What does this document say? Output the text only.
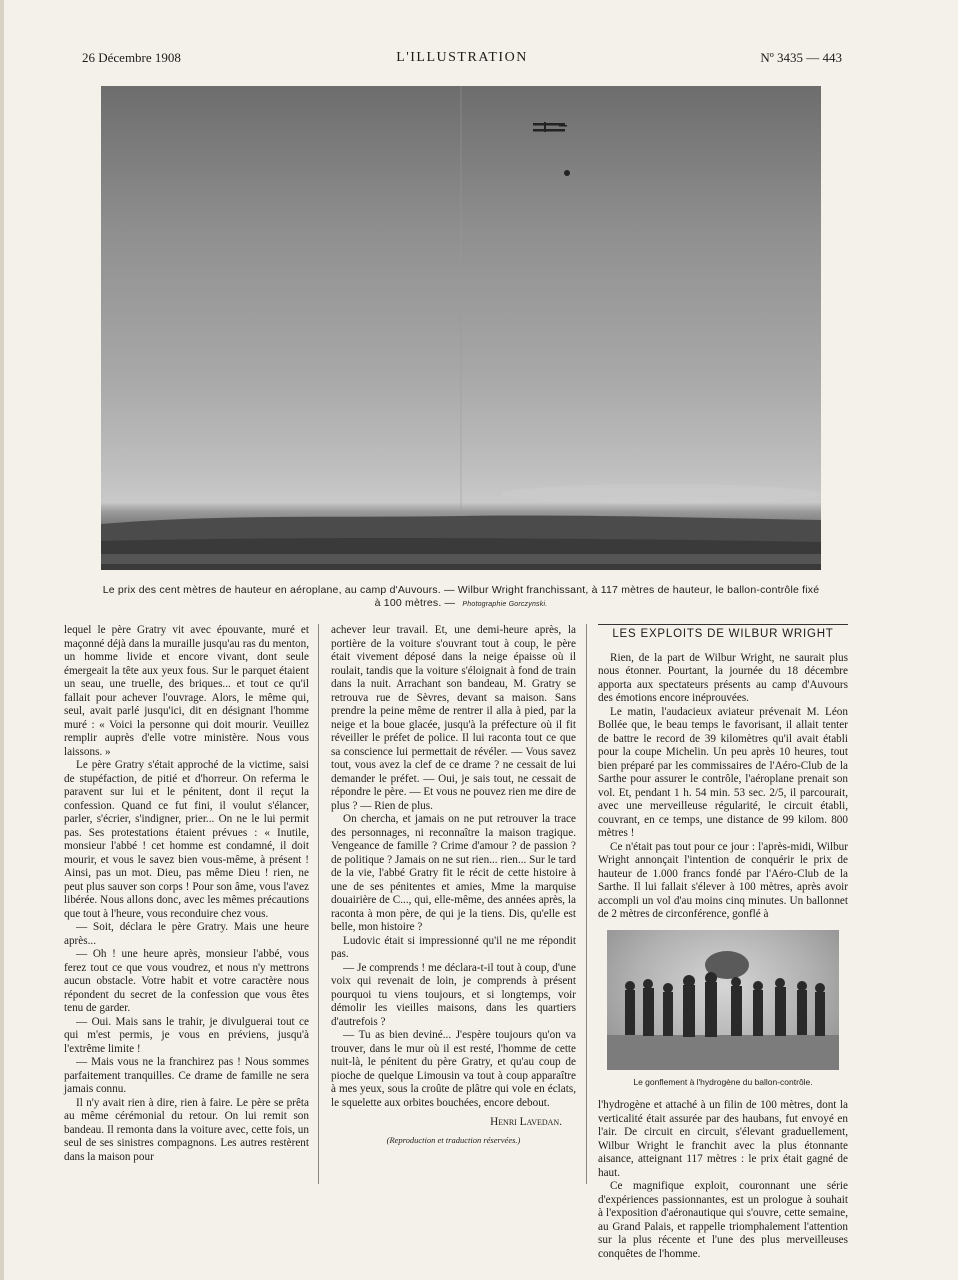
26 Décembre 1908	L'ILLUSTRATION	Nº 3435 — 443
Le prix des cent mètres de hauteur en aéroplane, au camp d'Auvours. — Wilbur Wright franchissant, à 117 mètres de hauteur, le ballon-contrôle fixé à 100 mètres. — Photographie Gorczynski.

lequel le père Gratry vit avec épouvante, muré et maçonné déjà dans la muraille jusqu'au ras du menton, un homme livide et encore vivant, dont seule émergeait la tête aux yeux fous. Sur le parquet étaient un seau, une truelle, des briques... et tout ce qu'il fallait pour achever l'ouvrage. Alors, le même qui, seul, avait parlé jusqu'ici, dit en désignant l'homme muré : « Voici la personne qui doit mourir. Veuillez remplir auprès d'elle votre ministère. Nous vous laissons. »

Le père Gratry s'était approché de la victime, saisi de stupéfaction, de pitié et d'horreur. On referma le paravent sur lui et le pénitent, dont il reçut la confession. Quand ce fut fini, il voulut s'élancer, parler, s'écrier, s'indigner, prier... On ne le lui permit pas. Ses protestations étaient prévues : « Inutile, monsieur l'abbé ! cet homme est condamné, il doit mourir, et vous le savez bien vous-même, à présent ! Ainsi, pas un mot. Dieu, pas même Dieu ! rien, ne peut plus sauver son corps ! Pour son âme, vous l'avez libérée. Nous allons donc, avec les mêmes précautions que tout à l'heure, vous reconduire chez vous.

— Soit, déclara le père Gratry. Mais une heure après...

— Oh ! une heure après, monsieur l'abbé, vous ferez tout ce que vous voudrez, et nous n'y mettrons aucun obstacle. Votre habit et votre caractère nous répondent du secret de la confession que vous êtes tenu de garder.

— Oui. Mais sans le trahir, je divulguerai tout ce qui m'est permis, je vous en préviens, jusqu'à l'extrême limite !

— Mais vous ne la franchirez pas ! Nous sommes parfaitement tranquilles. Ce drame de famille ne sera jamais connu.

Il n'y avait rien à dire, rien à faire. Le père se prêta au même cérémonial du retour. On lui remit son bandeau. Il remonta dans la voiture avec, cette fois, un seul de ses sinistres compagnons. Les autres restèrent dans la maison pour

achever leur travail. Et, une demi-heure après, la portière de la voiture s'ouvrant tout à coup, le père était vivement déposé dans la neige épaisse où il roulait, tandis que la voiture s'éloignait à fond de train dans la nuit. Arrachant son bandeau, M. Gratry se retrouva rue de Sèvres, devant sa maison. Sans prendre la peine même de rentrer il alla à pied, par la neige et la boue glacée, jusqu'à la préfecture où il fit réveiller le préfet de police. Il lui raconta tout ce que sa conscience lui permettait de révéler. — Vous savez tout, vous avez la clef de ce drame ? ne cessait de lui demander le préfet. — Oui, je sais tout, ne cessait de répondre le père. — Et vous ne pouvez rien me dire de plus ? — Rien de plus.

On chercha, et jamais on ne put retrouver la trace des personnages, ni reconnaître la maison tragique. Vengeance de famille ? Crime d'amour ? de passion ? de politique ? Jamais on ne sut rien... rien... Sur le tard de la vie, l'abbé Gratry fit le récit de cette histoire à une de ses pénitentes et amies, Mme la marquise douairière de C..., qui, elle-même, des années après, la raconta à mon père, de qui je la tiens. Dis, qu'elle est belle, mon histoire ?

Ludovic était si impressionné qu'il ne me répondit pas.

— Je comprends ! me déclara-t-il tout à coup, d'une voix qui revenait de loin, je comprends à présent pourquoi tu viens toujours, et si longtemps, voir démolir les vieilles maisons, dans les quartiers d'autrefois ?

— Tu as bien deviné... J'espère toujours qu'on va trouver, dans le mur où il est resté, l'homme de cette nuit-là, le pénitent du père Gratry, et qu'au coup de pioche de quelque Limousin va tout à coup apparaître à mes yeux, sous la croûte de plâtre qui vole en éclats, le squelette aux orbites bouchées, encore debout.

Henri Lavedan.
(Reproduction et traduction réservées.)
LES EXPLOITS DE WILBUR WRIGHT

Rien, de la part de Wilbur Wright, ne saurait plus nous étonner. Pourtant, la journée du 18 décembre apporta aux spectateurs présents au camp d'Auvours des émotions encore inéprouvées.

Le matin, l'audacieux aviateur prévenait M. Léon Bollée que, le beau temps le favorisant, il allait tenter de battre le record de 39 kilomètres qu'il avait établi pour la coupe Michelin. Un peu après 10 heures, tout bien préparé par les commissaires de l'Aéro-Club de la Sarthe pour assurer le contrôle, l'aéroplane prenait son vol. Et, pendant 1 h. 54 min. 53 sec. 2/5, il parcourait, avec une merveilleuse régularité, le circuit établi, couvrant, en ce temps, une distance de 99 kilom. 800 mètres !

Ce n'était pas tout pour ce jour : l'après-midi, Wilbur Wright annonçait l'intention de conquérir le prix de hauteur de 1.000 francs fondé par l'Aéro-Club de la Sarthe. Il lui fallait s'élever à 100 mètres, après avoir accompli un vol d'au moins cinq minutes. Un ballonnet de 2 mètres de circonférence, gonflé à

Le gonflement à l'hydrogène du ballon-contrôle.

l'hydrogène et attaché à un filin de 100 mètres, dont la verticalité était assurée par des haubans, fut envoyé en l'air. De circuit en circuit, s'élevant graduellement, Wilbur Wright le franchit avec la plus étonnante aisance, atteignant 117 mètres : le prix était gagné de haut.

Ce magnifique exploit, couronnant une série d'expériences passionnantes, est un prologue à souhait à l'exposition d'aéronautique qui s'ouvre, cette semaine, au Grand Palais, et rappelle triomphalement l'attention sur la plus récente et l'une des plus merveilleuses conquêtes de l'homme.
